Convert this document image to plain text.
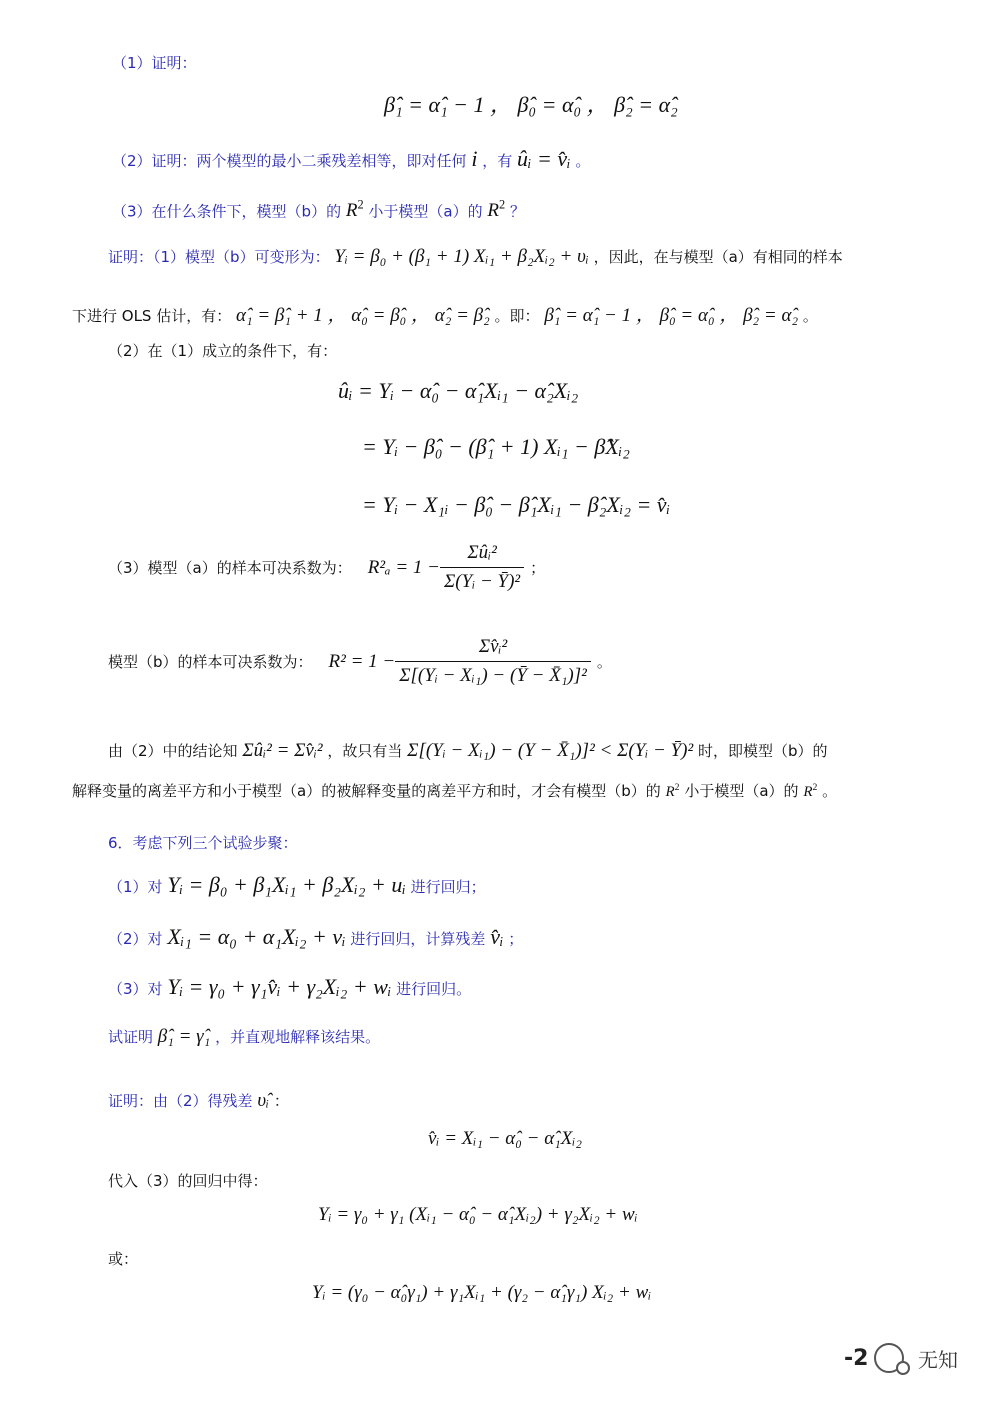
（1）证明：
β̂₁ = α̂₁ − 1 ， β̂₀ = α̂₀ ， β̂₂ = α̂₂
（2）证明：两个模型的最小二乘残差相等，即对任何 i ，有 ûᵢ = v̂ᵢ 。
（3）在什么条件下，模型（b）的 $R^2$ 小于模型（a）的 $R^2$ ？
证明：（1）模型（b）可变形为： Yᵢ = β₀ + (β₁ + 1) Xᵢ₁ + β₂Xᵢ₂ + υᵢ ，因此，在与模型（a）有相同的样本
下进行 OLS 估计，有： α̂₁ = β̂₁ + 1 ， α̂₀ = β̂₀ ， α̂₂ = β̂₂ 。即： β̂₁ = α̂₁ − 1 ， β̂₀ = α̂₀ ， β̂₂ = α̂₂ 。
（2）在（1）成立的条件下，有：
ûᵢ = Yᵢ − α̂₀ − α̂₁Xᵢ₁ − α̂₂Xᵢ₂
= Yᵢ − β̂₀ − (β̂₁ + 1) Xᵢ₁ − β̂Xᵢ₂
= Yᵢ − X₁ᵢ − β̂₀ − β̂₁Xᵢ₁ − β̂₂Xᵢ₂ = v̂ᵢ
（3）模型（a）的样本可决系数为： $R^2_a = 1 - \frac{\text{Σûᵢ²}}{\text{Σ(Yᵢ − Ȳ)²}}$ ；
模型（b）的样本可决系数为： $R^2 = 1 - \frac{\text{Σv̂ᵢ²}}{\text{Σ[(Yᵢ − Xᵢ₁) − (Ȳ − X̄₁)]²}}$ 。
由（2）中的结论知 Σûᵢ² = Σv̂ᵢ² ，故只有当 Σ[(Yᵢ − Xᵢ₁) − (Y − X̄₁)]² < Σ(Yᵢ − Ȳ)² 时，即模型（b）的
解释变量的离差平方和小于模型（a）的被解释变量的离差平方和时，才会有模型（b）的 $R^2$ 小于模型（a）的 $R^2$ 。
6．考虑下列三个试验步聚：
（1）对 Yᵢ = β₀ + β₁Xᵢ₁ + β₂Xᵢ₂ + uᵢ 进行回归；
（2）对 Xᵢ₁ = α₀ + α₁Xᵢ₂ + vᵢ 进行回归，计算残差 v̂ᵢ ；
（3）对 Yᵢ = γ₀ + γ₁v̂ᵢ + γ₂Xᵢ₂ + wᵢ 进行回归。
试证明 β̂₁ = γ̂₁ ，并直观地解释该结果。
证明：由（2）得残差 υ̂ᵢ ：
v̂ᵢ = Xᵢ₁ − α̂₀ − α̂₁Xᵢ₂
代入（3）的回归中得：
Yᵢ = γ₀ + γ₁ (Xᵢ₁ − α̂₀ − α̂₁Xᵢ₂) + γ₂Xᵢ₂ + wᵢ
或：
Yᵢ = (γ₀ − α̂₀γ₁) + γ₁Xᵢ₁ + (γ₂ − α̂₁γ₁) Xᵢ₂ + wᵢ
-2 无知
